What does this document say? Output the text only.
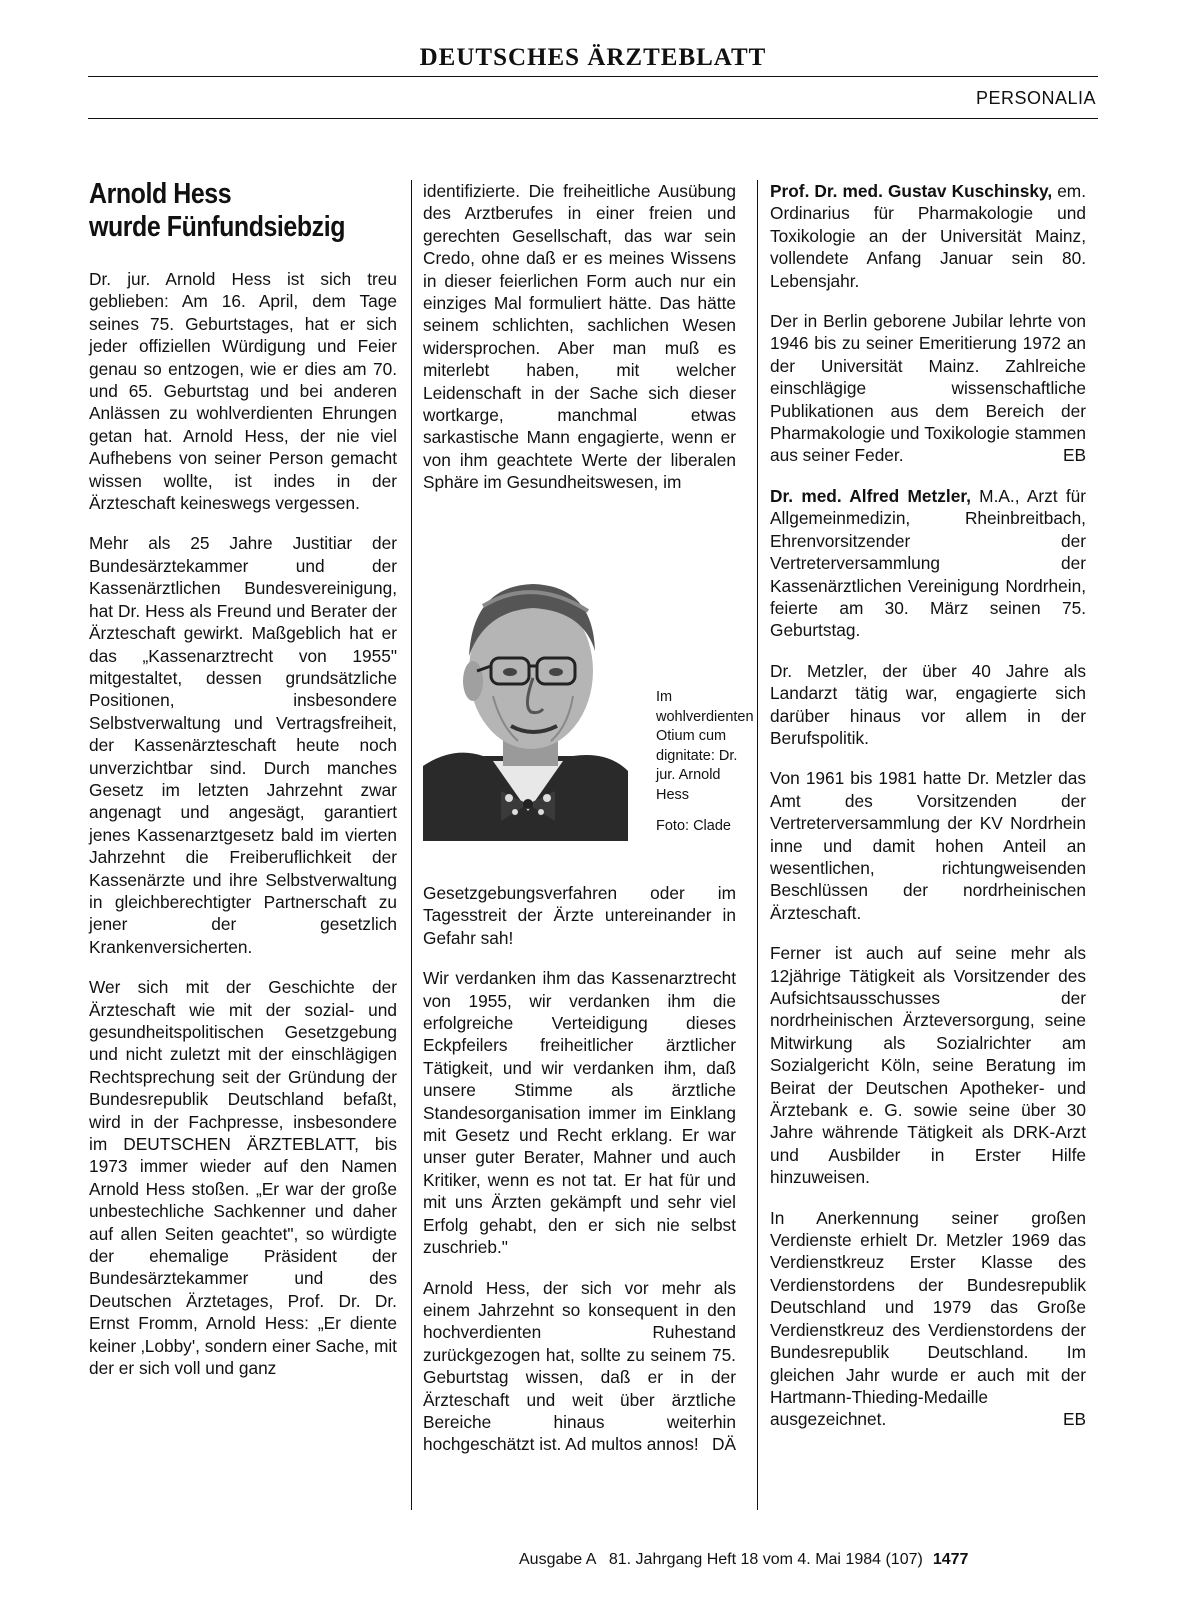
DEUTSCHES ÄRZTEBLATT
PERSONALIA
Arnold Hess
wurde Fünfundsiebzig

Dr. jur. Arnold Hess ist sich treu geblieben: Am 16. April, dem Tage seines 75. Geburtstages, hat er sich jeder offiziellen Würdigung und Feier genau so entzogen, wie er dies am 70. und 65. Geburtstag und bei anderen Anlässen zu wohlverdienten Ehrungen getan hat. Arnold Hess, der nie viel Aufhebens von seiner Person gemacht wissen wollte, ist indes in der Ärzteschaft keineswegs vergessen.

Mehr als 25 Jahre Justitiar der Bundesärztekammer und der Kassenärztlichen Bundesvereinigung, hat Dr. Hess als Freund und Berater der Ärzteschaft gewirkt. Maßgeblich hat er das „Kassenarztrecht von 1955" mitgestaltet, dessen grundsätzliche Positionen, insbesondere Selbstverwaltung und Vertragsfreiheit, der Kassenärzteschaft heute noch unverzichtbar sind. Durch manches Gesetz im letzten Jahrzehnt zwar angenagt und angesägt, garantiert jenes Kassenarztgesetz bald im vierten Jahrzehnt die Freiberuflichkeit der Kassenärzte und ihre Selbstverwaltung in gleichberechtigter Partnerschaft zu jener der gesetzlich Krankenversicherten.

Wer sich mit der Geschichte der Ärzteschaft wie mit der sozial- und gesundheitspolitischen Gesetzgebung und nicht zuletzt mit der einschlägigen Rechtsprechung seit der Gründung der Bundesrepublik Deutschland befaßt, wird in der Fachpresse, insbesondere im DEUTSCHEN ÄRZTEBLATT, bis 1973 immer wieder auf den Namen Arnold Hess stoßen. „Er war der große unbestechliche Sachkenner und daher auf allen Seiten geachtet", so würdigte der ehemalige Präsident der Bundesärztekammer und des Deutschen Ärztetages, Prof. Dr. Dr. Ernst Fromm, Arnold Hess: „Er diente keiner ‚Lobby', sondern einer Sache, mit der er sich voll und ganz

identifizierte. Die freiheitliche Ausübung des Arztberufes in einer freien und gerechten Gesellschaft, das war sein Credo, ohne daß er es meines Wissens in dieser feierlichen Form auch nur ein einziges Mal formuliert hätte. Das hätte seinem schlichten, sachlichen Wesen widersprochen. Aber man muß es miterlebt haben, mit welcher Leidenschaft in der Sache sich dieser wortkarge, manchmal etwas sarkastische Mann engagierte, wenn er von ihm geachtete Werte der liberalen Sphäre im Gesundheitswesen, im

Im wohlverdienten Otium cum dignitate: Dr. jur. Arnold Hess

Foto: Clade

Gesetzgebungsverfahren oder im Tagesstreit der Ärzte untereinander in Gefahr sah!

Wir verdanken ihm das Kassenarztrecht von 1955, wir verdanken ihm die erfolgreiche Verteidigung dieses Eckpfeilers freiheitlicher ärztlicher Tätigkeit, und wir verdanken ihm, daß unsere Stimme als ärztliche Standesorganisation immer im Einklang mit Gesetz und Recht erklang. Er war unser guter Berater, Mahner und auch Kritiker, wenn es not tat. Er hat für und mit uns Ärzten gekämpft und sehr viel Erfolg gehabt, den er sich nie selbst zuschrieb."

Arnold Hess, der sich vor mehr als einem Jahrzehnt so konsequent in den hochverdienten Ruhestand zurückgezogen hat, sollte zu seinem 75. Geburtstag wissen, daß er in der Ärzteschaft und weit über ärztliche Bereiche hinaus weiterhin hochgeschätzt ist. Ad multos annos! DÄ

Prof. Dr. med. Gustav Kuschinsky, em. Ordinarius für Pharmakologie und Toxikologie an der Universität Mainz, vollendete Anfang Januar sein 80. Lebensjahr.

Der in Berlin geborene Jubilar lehrte von 1946 bis zu seiner Emeritierung 1972 an der Universität Mainz. Zahlreiche einschlägige wissenschaftliche Publikationen aus dem Bereich der Pharmakologie und Toxikologie stammen aus seiner Feder.	EB

Dr. med. Alfred Metzler, M.A., Arzt für Allgemeinmedizin, Rheinbreitbach, Ehrenvorsitzender der Vertreterversammlung der Kassenärztlichen Vereinigung Nordrhein, feierte am 30. März seinen 75. Geburtstag.

Dr. Metzler, der über 40 Jahre als Landarzt tätig war, engagierte sich darüber hinaus vor allem in der Berufspolitik.

Von 1961 bis 1981 hatte Dr. Metzler das Amt des Vorsitzenden der Vertreterversammlung der KV Nordrhein inne und damit hohen Anteil an wesentlichen, richtungweisenden Beschlüssen der nordrheinischen Ärzteschaft.

Ferner ist auch auf seine mehr als 12jährige Tätigkeit als Vorsitzender des Aufsichtsausschusses der nordrheinischen Ärzteversorgung, seine Mitwirkung als Sozialrichter am Sozialgericht Köln, seine Beratung im Beirat der Deutschen Apotheker- und Ärztebank e. G. sowie seine über 30 Jahre währende Tätigkeit als DRK-Arzt und Ausbilder in Erster Hilfe hinzuweisen.

In Anerkennung seiner großen Verdienste erhielt Dr. Metzler 1969 das Verdienstkreuz Erster Klasse des Verdienstordens der Bundesrepublik Deutschland und 1979 das Große Verdienstkreuz des Verdienstordens der Bundesrepublik Deutschland. Im gleichen Jahr wurde er auch mit der Hartmann-Thieding-Medaille ausgezeichnet.	EB

Ausgabe A   81. Jahrgang Heft 18 vom 4. Mai 1984 (107) 1477
